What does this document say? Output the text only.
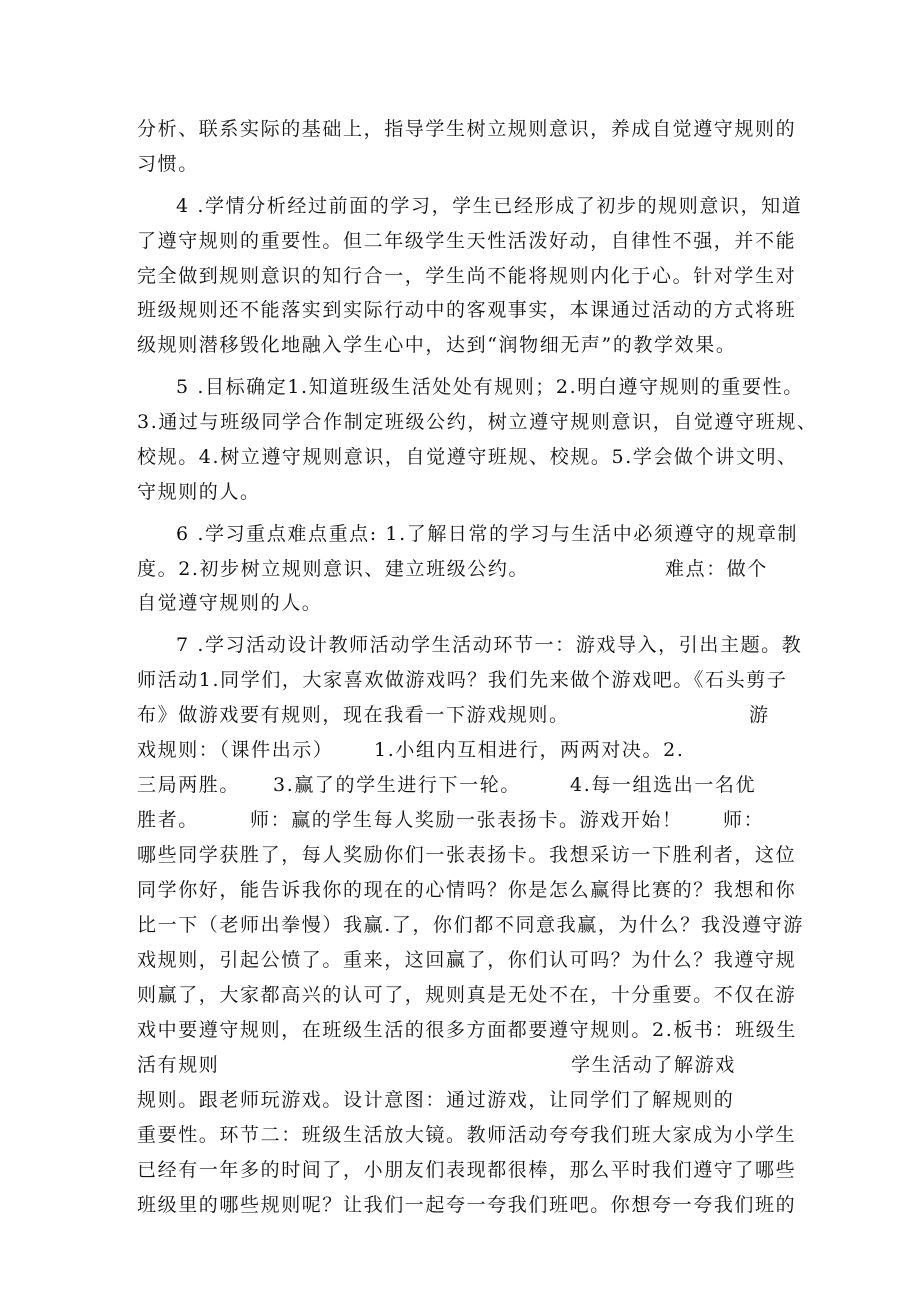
分析、联系实际的基础上，指导学生树立规则意识，养成自觉遵守规则的
习惯。
4 .学情分析经过前面的学习，学生已经形成了初步的规则意识，知道
了遵守规则的重要性。但二年级学生天性活泼好动，自律性不强，并不能
完全做到规则意识的知行合一，学生尚不能将规则内化于心。针对学生对
班级规则还不能落实到实际行动中的客观事实，本课通过活动的方式将班
级规则潜移毁化地融入学生心中，达到“润物细无声”的教学效果。
5 .目标确定1.知道班级生活处处有规则；2.明白遵守规则的重要性。
3.通过与班级同学合作制定班级公约，树立遵守规则意识，自觉遵守班规、
校规。4.树立遵守规则意识，自觉遵守班规、校规。5.学会做个讲文明、
守规则的人。
6 .学习重点难点重点: 1.了解日常的学习与生活中必须遵守的规章制
度。2.初步树立规则意识、建立班级公约。	难点：做个
自觉遵守规则的人。
7 .学习活动设计教师活动学生活动环节一：游戏导入，引出主题。教
师活动1.同学们，大家喜欢做游戏吗？我们先来做个游戏吧。《石头剪子
布》做游戏要有规则，现在我看一下游戏规则。	游
戏规则：（课件出示） 1.小组内互相进行，两两对决。2.
三局两胜。 3.赢了的学生进行下一轮。	4.每一组选出一名优
胜者。	师：赢的学生每人奖励一张表扬卡。游戏开始！ 师：
哪些同学获胜了，每人奖励你们一张表扬卡。我想采访一下胜利者，这位
同学你好，能告诉我你的现在的心情吗？你是怎么赢得比赛的？我想和你
比一下（老师出拳慢）我赢.了，你们都不同意我赢，为什么？我没遵守游
戏规则，引起公愤了。重来，这回赢了，你们认可吗？为什么？我遵守规
则赢了，大家都高兴的认可了，规则真是无处不在，十分重要。不仅在游
戏中要遵守规则，在班级生活的很多方面都要遵守规则。2.板书：班级生
活有规则	学生活动了解游戏
规则。跟老师玩游戏。设计意图：通过游戏，让同学们了解规则的
重要性。环节二：班级生活放大镜。教师活动夸夸我们班大家成为小学生
已经有一年多的时间了，小朋友们表现都很棒，那么平时我们遵守了哪些
班级里的哪些规则呢？让我们一起夸一夸我们班吧。你想夸一夸我们班的
